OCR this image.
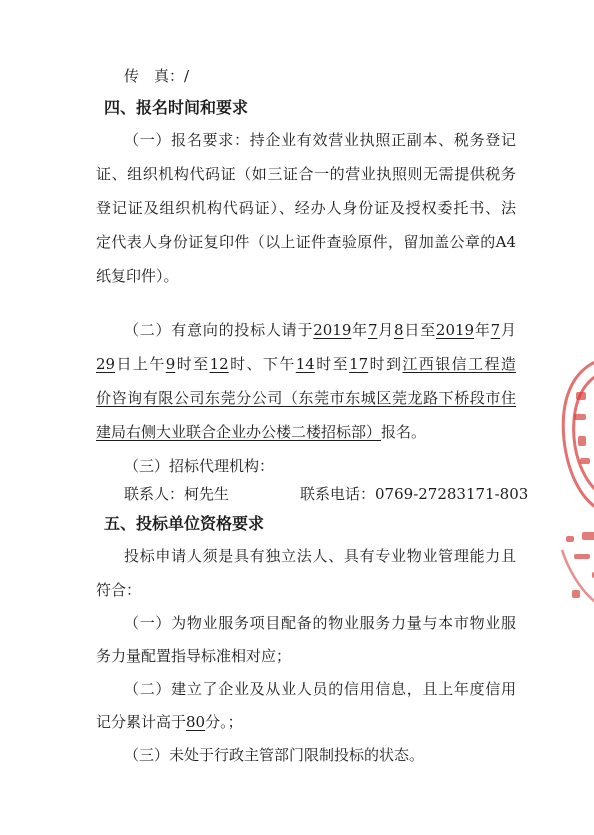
传　真：/
四、报名时间和要求
（一）报名要求：持企业有效营业执照正副本、税务登记
证、组织机构代码证（如三证合一的营业执照则无需提供税务
登记证及组织机构代码证）、经办人身份证及授权委托书、法
定代表人身份证复印件（以上证件查验原件，留加盖公章的A4
纸复印件）。
（二）有意向的投标人请于2019年7月8日至2019年7月
29日上午9时至12时、下午14时至17时到江西银信工程造
价咨询有限公司东莞分公司（东莞市东城区莞龙路下桥段市住
建局右侧大业联合企业办公楼二楼招标部）报名。
（三）招标代理机构：
联系人：柯先生	联系电话：0769-27283171-803
五、投标单位资格要求
投标申请人须是具有独立法人、具有专业物业管理能力且
符合：
（一）为物业服务项目配备的物业服务力量与本市物业服
务力量配置指导标准相对应；
（二）建立了企业及从业人员的信用信息，且上年度信用
记分累计高于80分。；
（三）未处于行政主管部门限制投标的状态。
